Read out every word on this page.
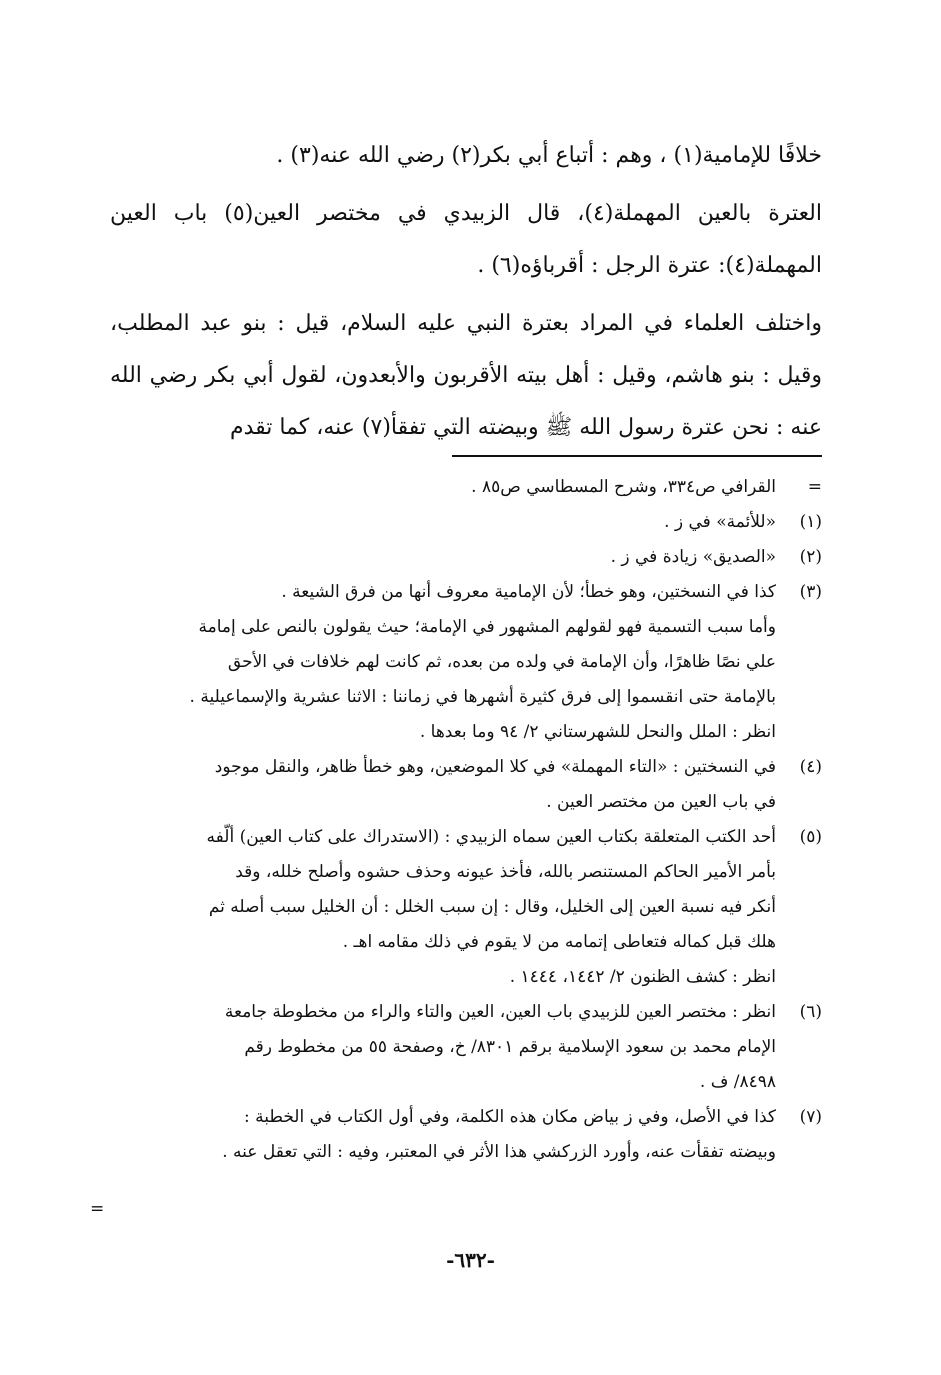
خلافًا للإمامية(١) ، وهم : أتباع أبي بكر(٢) رضي الله عنه(٣) .

العترة بالعين المهملة(٤)، قال الزبيدي في مختصر العين(٥) باب العين المهملة(٤): عترة الرجل : أقرباؤه(٦) .

واختلف العلماء في المراد بعترة النبي عليه السلام، قيل : بنو عبد المطلب، وقيل : بنو هاشم، وقيل : أهل بيته الأقربون والأبعدون، لقول أبي بكر رضي الله عنه : نحن عترة رسول الله ﷺ وبيضته التي تفقأ(٧) عنه، كما تقدم

=
القرافي ص٣٣٤، وشرح المسطاسي ص٨٥ .
(١)
«للأئمة» في ز .
(٢)
«الصديق» زيادة في ز .
(٣)
كذا في النسختين، وهو خطأ؛ لأن الإمامية معروف أنها من فرق الشيعة .
وأما سبب التسمية فهو لقولهم المشهور في الإمامة؛ حيث يقولون بالنص على إمامة
علي نصًا ظاهرًا، وأن الإمامة في ولده من بعده، ثم كانت لهم خلافات في الأحق
بالإمامة حتى انقسموا إلى فرق كثيرة أشهرها في زماننا : الاثنا عشرية والإسماعيلية .
انظر : الملل والنحل للشهرستاني ٢/ ٩٤ وما بعدها .
(٤)
في النسختين : «التاء المهملة» في كلا الموضعين، وهو خطأ ظاهر، والنقل موجود
في باب العين من مختصر العين .
(٥)
أحد الكتب المتعلقة بكتاب العين سماه الزبيدي : (الاستدراك على كتاب العين) ألّفه
بأمر الأمير الحاكم المستنصر بالله، فأخذ عيونه وحذف حشوه وأصلح خلله، وقد
أنكر فيه نسبة العين إلى الخليل، وقال : إن سبب الخلل : أن الخليل سبب أصله ثم
هلك قبل كماله فتعاطى إتمامه من لا يقوم في ذلك مقامه اهـ .
انظر : كشف الظنون ٢/ ١٤٤٢، ١٤٤٤ .
(٦)
انظر : مختصر العين للزبيدي باب العين، العين والتاء والراء من مخطوطة جامعة
الإمام محمد بن سعود الإسلامية برقم ٨٣٠١/ خ، وصفحة ٥٥ من مخطوط رقم
٨٤٩٨/ ف .
(٧)
كذا في الأصل، وفي ز بياض مكان هذه الكلمة، وفي أول الكتاب في الخطبة :
وبيضته تفقأت عنه، وأورد الزركشي هذا الأثر في المعتبر، وفيه : التي تعقل عنه .
=
-٦٣٢-
